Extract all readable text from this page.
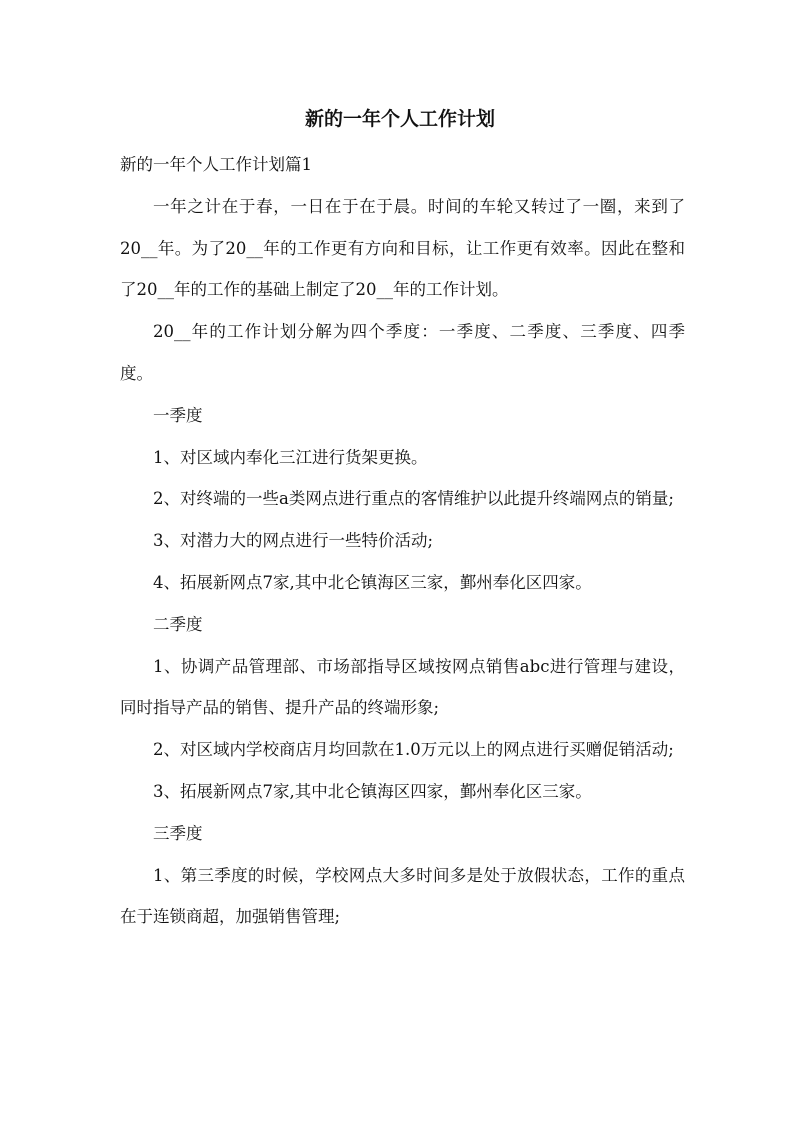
新的一年个人工作计划

新的一年个人工作计划篇1

一年之计在于春，一日在于在于晨。时间的车轮又转过了一圈，来到了20__年。为了20__年的工作更有方向和目标，让工作更有效率。因此在整和了20__年的工作的基础上制定了20__年的工作计划。

20__年的工作计划分解为四个季度：一季度、二季度、三季度、四季度。

一季度

1、对区域内奉化三江进行货架更换。

2、对终端的一些a类网点进行重点的客情维护以此提升终端网点的销量;

3、对潜力大的网点进行一些特价活动;

4、拓展新网点7家,其中北仑镇海区三家，鄞州奉化区四家。

二季度

1、协调产品管理部、市场部指导区域按网点销售abc进行管理与建设，同时指导产品的销售、提升产品的终端形象;

2、对区域内学校商店月均回款在1.0万元以上的网点进行买赠促销活动;

3、拓展新网点7家,其中北仑镇海区四家，鄞州奉化区三家。

三季度

1、第三季度的时候，学校网点大多时间多是处于放假状态，工作的重点在于连锁商超，加强销售管理;
